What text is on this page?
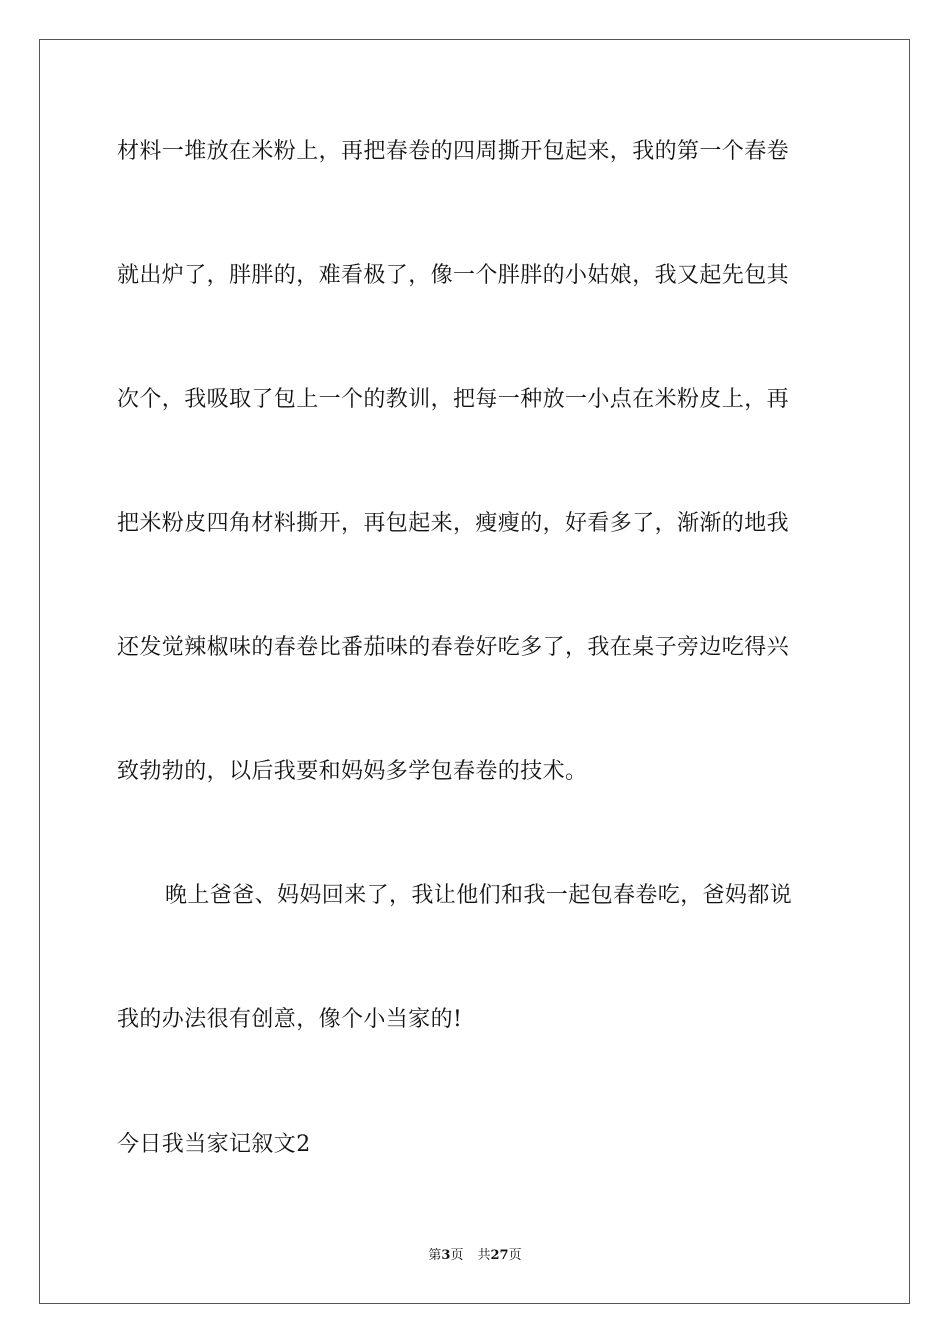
材料一堆放在米粉上，再把春卷的四周撕开包起来，我的第一个春卷
就出炉了，胖胖的，难看极了，像一个胖胖的小姑娘，我又起先包其
次个，我吸取了包上一个的教训，把每一种放一小点在米粉皮上，再
把米粉皮四角材料撕开，再包起来，瘦瘦的，好看多了，渐渐的地我
还发觉辣椒味的春卷比番茄味的春卷好吃多了，我在桌子旁边吃得兴
致勃勃的，以后我要和妈妈多学包春卷的技术。
晚上爸爸、妈妈回来了，我让他们和我一起包春卷吃，爸妈都说
我的办法很有创意，像个小当家的!
今日我当家记叙文2
第3页 共27页
